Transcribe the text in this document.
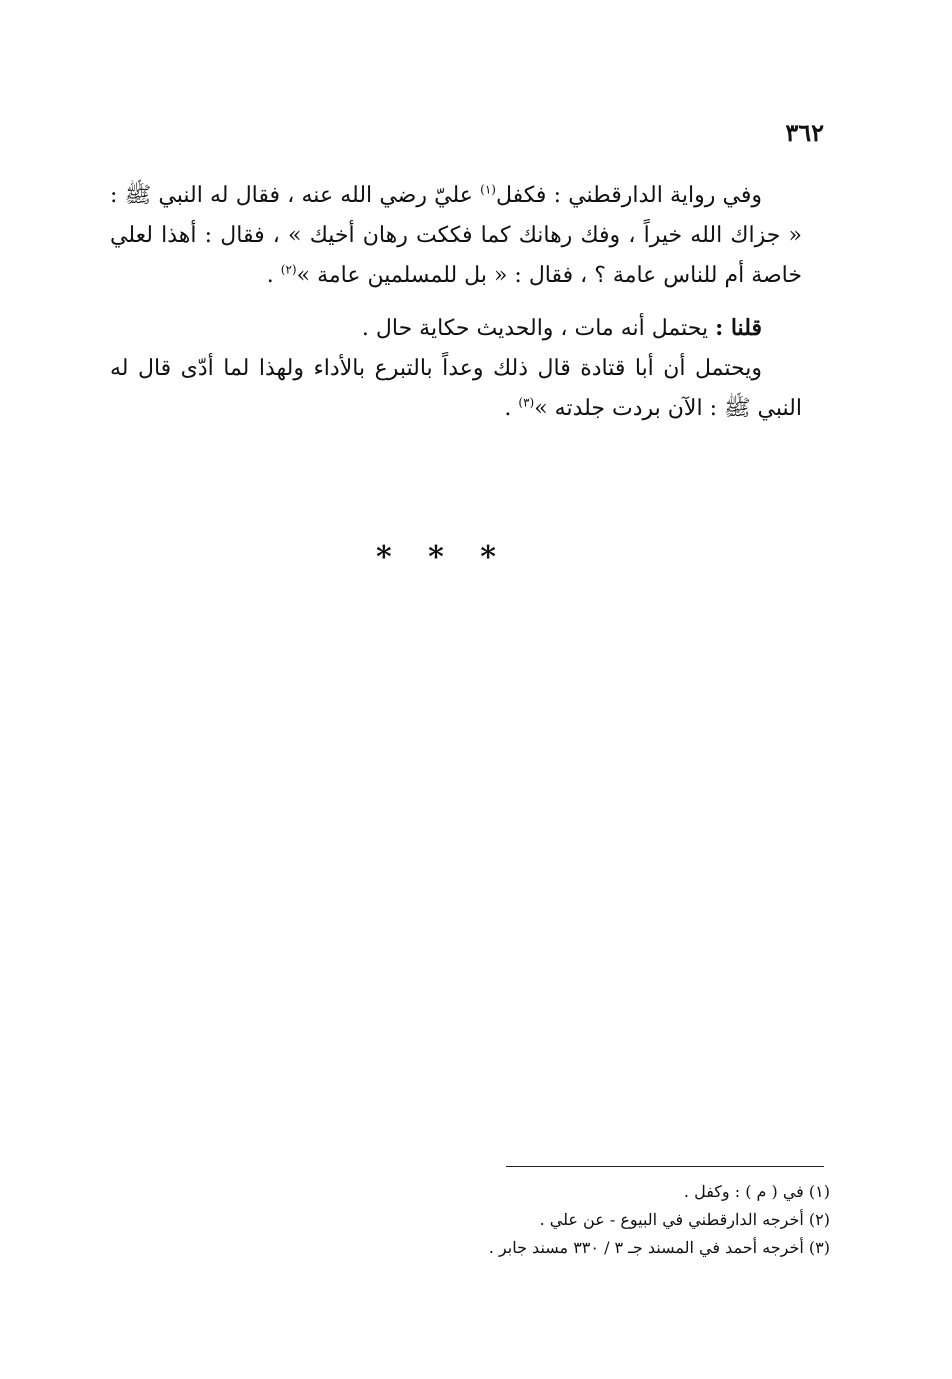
٣٦٢

وفي رواية الدارقطني : فكفل$^{(١)}$ عليّ رضي الله عنه ، فقال له النبي ﷺ : « جزاك الله خيراً ، وفك رهانك كما فككت رهان أخيك » ، فقال : أهذا لعلي خاصة أم للناس عامة ؟ ، فقال : « بل للمسلمين عامة »$^{(٢)}$ .

قلنا : يحتمل أنه مات ، والحديث حكاية حال .

ويحتمل أن أبا قتادة قال ذلك وعداً بالتبرع بالأداء ولهذا لما أدّى قال له النبي ﷺ : الآن بردت جلدته »$^{(٣)}$ .

* * *

(١) في ( م ) : وكفل .

(٢) أخرجه الدارقطني في البيوع - عن علي .

(٣) أخرجه أحمد في المسند جـ ٣ / ٣٣٠ مسند جابر .
